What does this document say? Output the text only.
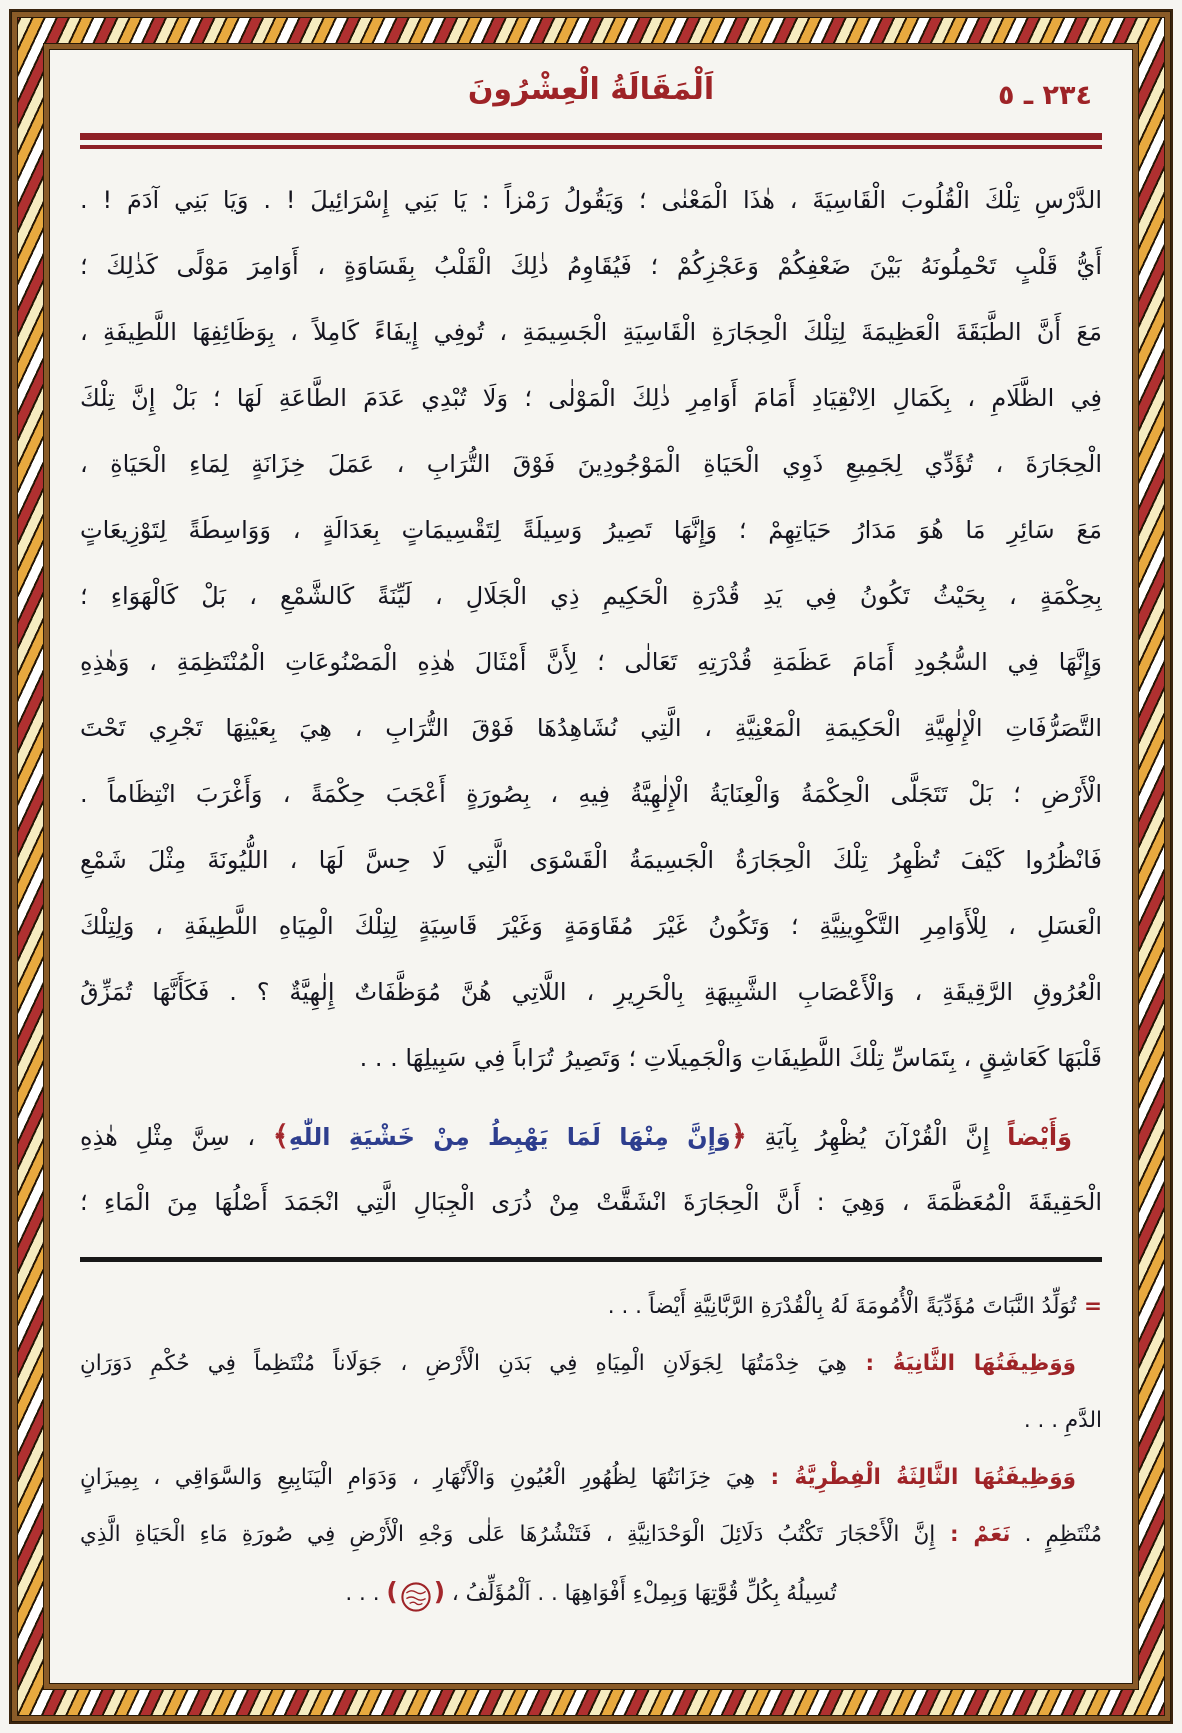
اَلْمَقَالَةُ الْعِشْرُونَ	٢٣٤ ـ ٥
الدَّرْسِ تِلْكَ الْقُلُوبَ الْقَاسِيَةَ ، هٰذَا الْمَعْنٰى ؛ وَيَقُولُ رَمْزاً : يَا بَنِي إِسْرَائِيلَ ! . وَيَا بَنِي آدَمَ ! .
أَيُّ قَلْبٍ تَحْمِلُونَهُ بَيْنَ ضَعْفِكُمْ وَعَجْزِكُمْ ؛ فَيُقَاوِمُ ذٰلِكَ الْقَلْبُ بِقَسَاوَةٍ ، أَوَامِرَ مَوْلًى كَذٰلِكَ ؛
مَعَ أَنَّ الطَّبَقَةَ الْعَظِيمَةَ لِتِلْكَ الْحِجَارَةِ الْقَاسِيَةِ الْجَسِيمَةِ ، تُوفِي إِيفَاءً كَامِلاً ، بِوَظَائِفِهَا اللَّطِيفَةِ ،
فِي الظَّلَامِ ، بِكَمَالِ الِانْقِيَادِ أَمَامَ أَوَامِرِ ذٰلِكَ الْمَوْلٰى ؛ وَلَا تُبْدِي عَدَمَ الطَّاعَةِ لَهَا ؛ بَلْ إِنَّ تِلْكَ
الْحِجَارَةَ ، تُؤَدِّي لِجَمِيعِ ذَوِي الْحَيَاةِ الْمَوْجُودِينَ فَوْقَ التُّرَابِ ، عَمَلَ خِزَانَةٍ لِمَاءِ الْحَيَاةِ ،
مَعَ سَائِرِ مَا هُوَ مَدَارُ حَيَاتِهِمْ ؛ وَإِنَّهَا تَصِيرُ وَسِيلَةً لِتَقْسِيمَاتٍ بِعَدَالَةٍ ، وَوَاسِطَةً لِتَوْزِيعَاتٍ
بِحِكْمَةٍ ، بِحَيْثُ تَكُونُ فِي يَدِ قُدْرَةِ الْحَكِيمِ ذِي الْجَلَالِ ، لَيِّنَةً كَالشَّمْعِ ، بَلْ كَالْهَوَاءِ ؛
وَإِنَّهَا فِي السُّجُودِ أَمَامَ عَظَمَةِ قُدْرَتِهِ تَعَالٰى ؛ لِأَنَّ أَمْثَالَ هٰذِهِ الْمَصْنُوعَاتِ الْمُنْتَظِمَةِ ، وَهٰذِهِ
التَّصَرُّفَاتِ الْإِلٰهِيَّةِ الْحَكِيمَةِ الْمَعْنِيَّةِ ، الَّتِي نُشَاهِدُهَا فَوْقَ التُّرَابِ ، هِيَ بِعَيْنِهَا تَجْرِي تَحْتَ
الْأَرْضِ ؛ بَلْ تَتَجَلَّى الْحِكْمَةُ وَالْعِنَايَةُ الْإِلٰهِيَّةُ فِيهِ ، بِصُورَةٍ أَعْجَبَ حِكْمَةً ، وَأَغْرَبَ انْتِظَاماً .
فَانْظُرُوا كَيْفَ تُظْهِرُ تِلْكَ الْحِجَارَةُ الْجَسِيمَةُ الْقَسْوَى الَّتِي لَا حِسَّ لَهَا ، اللُّيُونَةَ مِثْلَ شَمْعِ
الْعَسَلِ ، لِلْأَوَامِرِ التَّكْوِينِيَّةِ ؛ وَتَكُونُ غَيْرَ مُقَاوَمَةٍ وَغَيْرَ قَاسِيَةٍ لِتِلْكَ الْمِيَاهِ اللَّطِيفَةِ ، وَلِتِلْكَ
الْعُرُوقِ الرَّقِيقَةِ ، وَالْأَعْصَابِ الشَّبِيهَةِ بِالْحَرِيرِ ، اللَّاتِي هُنَّ مُوَظَّفَاتٌ إِلٰهِيَّةٌ ؟ . فَكَأَنَّهَا تُمَزِّقُ
قَلْبَهَا كَعَاشِقٍ ، بِتَمَاسِّ تِلْكَ اللَّطِيفَاتِ وَالْجَمِيلَاتِ ؛ وَتَصِيرُ تُرَاباً فِي سَبِيلِهَا . . .
وَأَيْضاً إِنَّ الْقُرْآنَ يُظْهِرُ بِآيَةِ ﴿وَإِنَّ مِنْهَا لَمَا يَهْبِطُ مِنْ خَشْيَةِ اللّٰهِ﴾ ، سِنَّ مِثْلِ هٰذِهِ
الْحَقِيقَةَ الْمُعَظَّمَةَ ، وَهِيَ : أَنَّ الْحِجَارَةَ انْشَقَّتْ مِنْ ذُرَى الْجِبَالِ الَّتِي انْجَمَدَ أَصْلُهَا مِنَ الْمَاءِ ؛
= تُوَلِّدُ النَّبَاتَ مُؤَدِّيَةً الْأُمُومَةَ لَهُ بِالْقُدْرَةِ الرَّبَّانِيَّةِ أَيْضاً . . .
وَوَظِيفَتُهَا الثَّانِيَةُ : هِيَ خِدْمَتُهَا لِجَوَلَانِ الْمِيَاهِ فِي بَدَنِ الْأَرْضِ ، جَوَلَاناً مُنْتَظِماً فِي حُكْمِ دَوَرَانِ
الدَّمِ . . .
وَوَظِيفَتُهَا الثَّالِثَةُ الْفِطْرِيَّةُ : هِيَ خِزَانَتُهَا لِظُهُورِ الْعُيُونِ وَالْأَنْهَارِ ، وَدَوَامِ الْيَنَابِيعِ وَالسَّوَاقِي ، بِمِيزَانٍ
مُنْتَظِمٍ . نَعَمْ : إِنَّ الْأَحْجَارَ تَكْتُبُ دَلَائِلَ الْوَحْدَانِيَّةِ ، فَتَنْشُرُهَا عَلٰى وَجْهِ الْأَرْضِ فِي صُورَةِ مَاءِ الْحَيَاةِ الَّذِي
تُسِيلُهُ بِكُلِّ قُوَّتِهَا وَبِمِلْءِ أَفْوَاهِهَا . . اَلْمُؤَلِّفُ ، () . . .
